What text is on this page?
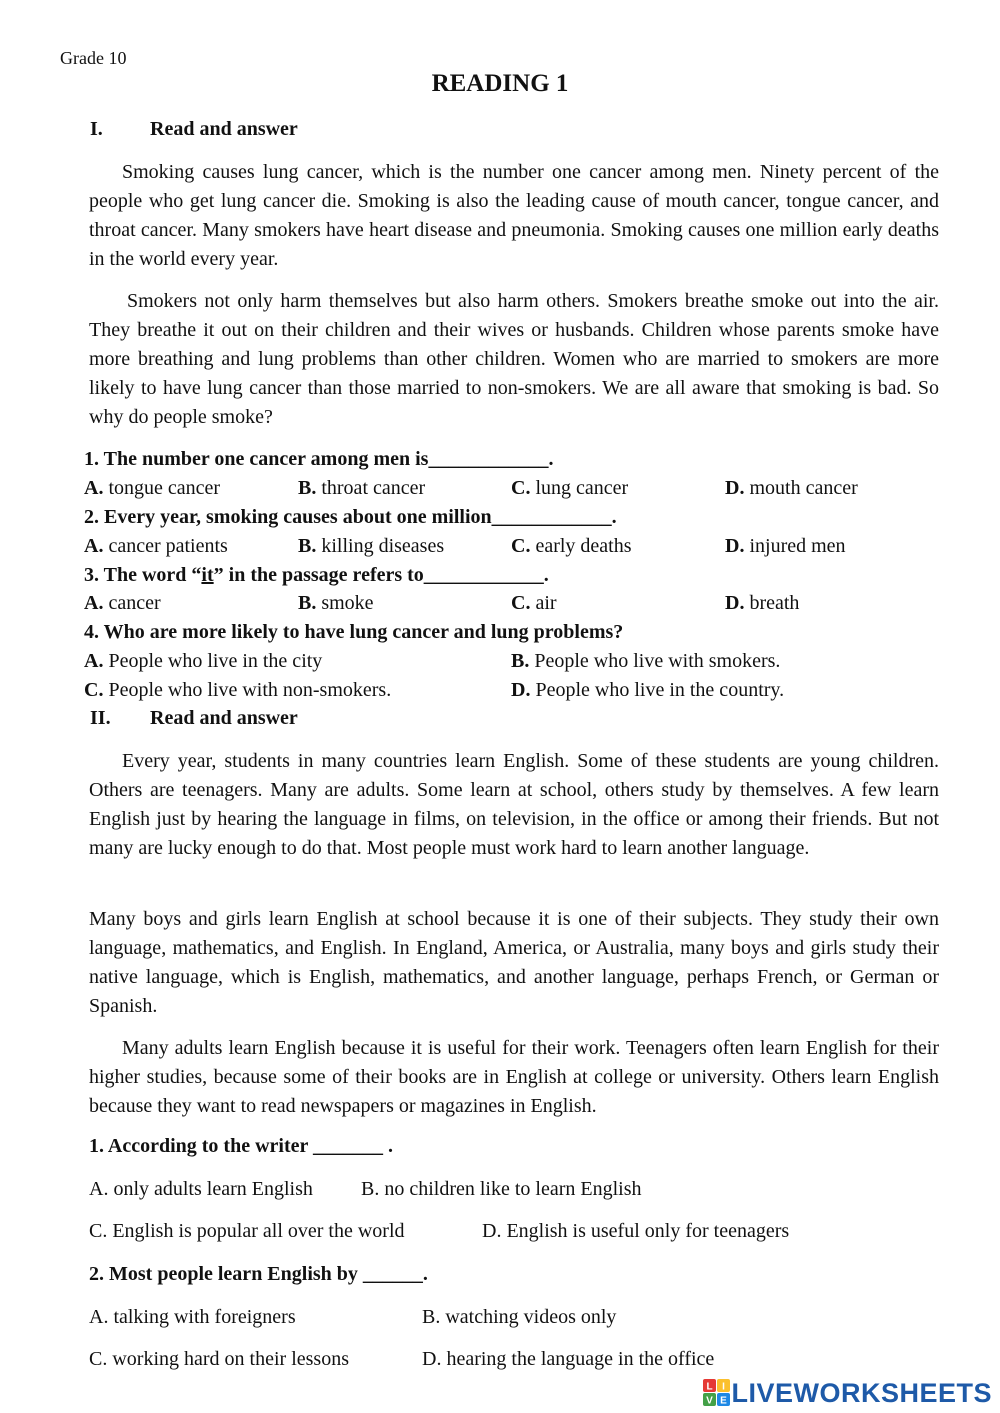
Grade 10
READING 1
I. Read and answer
Smoking causes lung cancer, which is the number one cancer among men. Ninety percent of the people who get lung cancer die. Smoking is also the leading cause of mouth cancer, tongue cancer, and throat cancer. Many smokers have heart disease and pneumonia. Smoking causes one million early deaths in the world every year.
Smokers not only harm themselves but also harm others. Smokers breathe smoke out into the air. They breathe it out on their children and their wives or husbands. Children whose parents smoke have more breathing and lung problems than other children. Women who are married to smokers are more likely to have lung cancer than those married to non-smokers. We are all aware that smoking is bad. So why do people smoke?
1. The number one cancer among men is____________.
A. tongue cancer	B. throat cancer	C. lung cancer	D. mouth cancer
2. Every year, smoking causes about one million____________.
A. cancer patients	B. killing diseases	C. early deaths	D. injured men
3. The word “it” in the passage refers to____________.
A. cancer	B. smoke	C. air	D. breath
4. Who are more likely to have lung cancer and lung problems?
A. People who live in the city	B. People who live with smokers.
C. People who live with non-smokers.	D. People who live in the country.
II. Read and answer
Every year, students in many countries learn English. Some of these students are young children. Others are teenagers. Many are adults. Some learn at school, others study by themselves. A few learn English just by hearing the language in films, on television, in the office or among their friends. But not many are lucky enough to do that. Most people must work hard to learn another language.
Many boys and girls learn English at school because it is one of their subjects. They study their own language, mathematics, and English. In England, America, or Australia, many boys and girls study their native language, which is English, mathematics, and another language, perhaps French, or German or Spanish.
Many adults learn English because it is useful for their work. Teenagers often learn English for their higher studies, because some of their books are in English at college or university. Others learn English because they want to read newspapers or magazines in English.
1. According to the writer _______ .
A. only adults learn English B. no children like to learn English
C. English is popular all over the world	D. English is useful only for teenagers
2. Most people learn English by ______.
A. talking with foreigners	B. watching videos only
C. working hard on their lessons	D. hearing the language in the office
L I
V E LIVEWORKSHEETS
